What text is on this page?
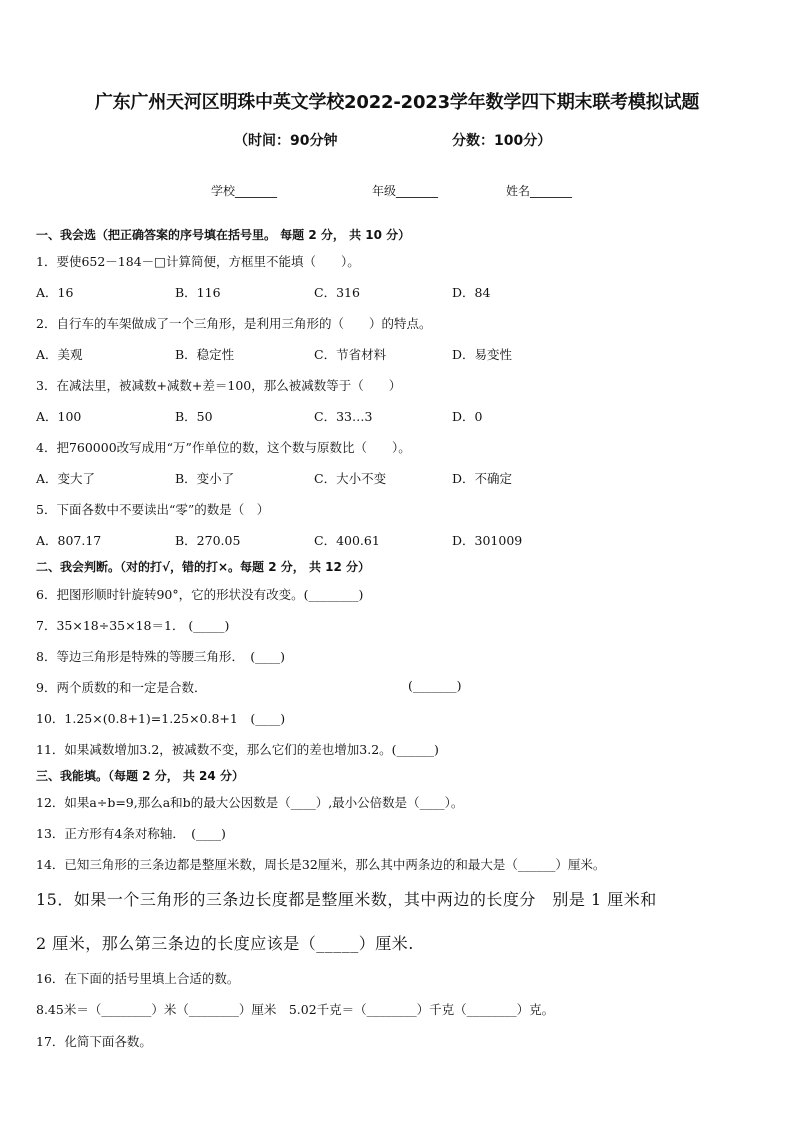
广东广州天河区明珠中英文学校2022-2023学年数学四下期末联考模拟试题
（时间：90分钟	分数：100分）
学校_______	年级_______	姓名_______
一、我会选（把正确答案的序号填在括号里。 每题 2 分， 共 10 分）
1．要使652－184－□计算简便，方框里不能填（　　）。
A．16	B．116	C．316	D．84
2．自行车的车架做成了一个三角形，是利用三角形的（　　）的特点。
A．美观	B．稳定性	C．节省材料	D．易变性
3．在减法里，被减数+减数+差＝100，那么被减数等于（　　）
A．100	B．50	C．33…3	D．0
4．把760000改写成用“万”作单位的数，这个数与原数比（　　）。
A．变大了	B．变小了	C．大小不变	D．不确定
5．下面各数中不要读出“零”的数是（　）
A．807.17	B．270.05	C．400.61	D．301009
二、我会判断。（对的打√，错的打×。每题 2 分， 共 12 分）
6．把图形顺时针旋转90°，它的形状没有改变。(________)
7．35×18÷35×18＝1． (_____)
8．等边三角形是特殊的等腰三角形．　(____)
9．两个质数的和一定是合数．	(_______)
10．1.25×(0.8+1)=1.25×0.8+1　(____)
11．如果减数增加3.2，被减数不变，那么它们的差也增加3.2。(______)
三、我能填。（每题 2 分， 共 24 分）
12．如果a÷b=9,那么a和b的最大公因数是（____）,最小公倍数是（____）。
13．正方形有4条对称轴．　(____)
14．已知三角形的三条边都是整厘米数，周长是32厘米，那么其中两条边的和最大是（______）厘米。
15．如果一个三角形的三条边长度都是整厘米数，其中两边的长度分　别是 1 厘米和
2 厘米，那么第三条边的长度应该是（_____）厘米.
16．在下面的括号里填上合适的数。
8.45米＝（________）米（________）厘米　5.02千克＝（________）千克（________）克。
17．化简下面各数。
